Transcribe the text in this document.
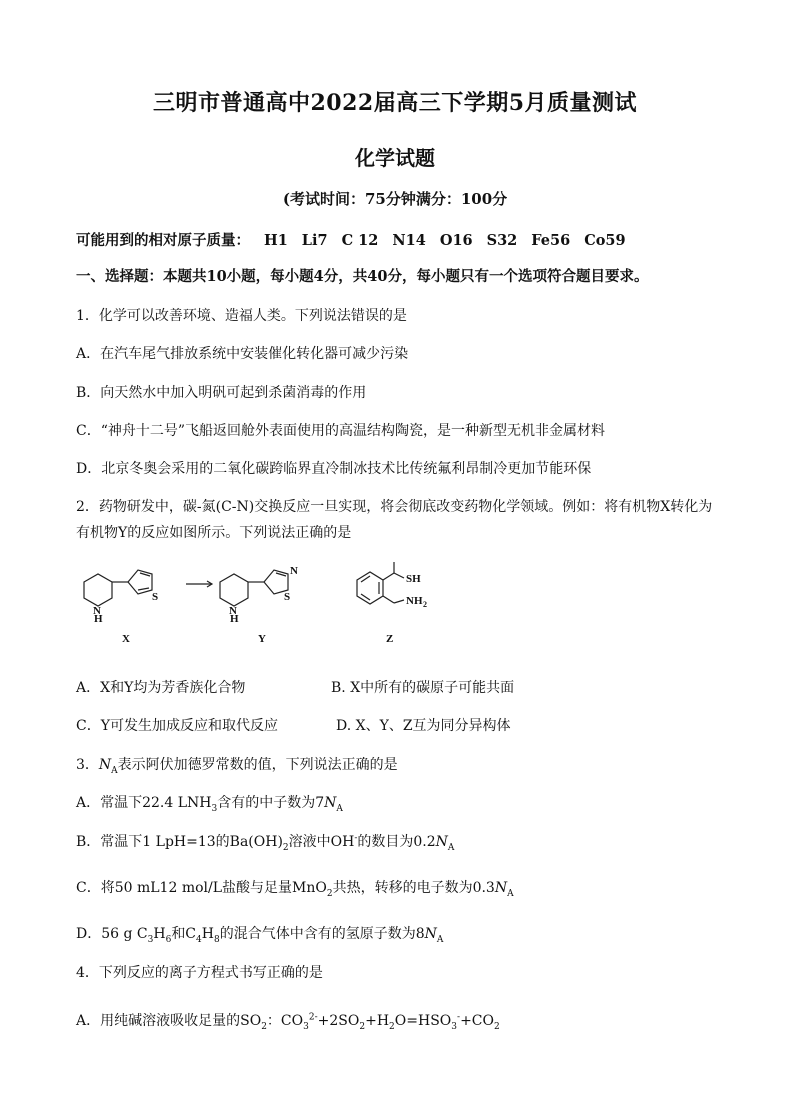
三明市普通高中2022届高三下学期5月质量测试
化学试题
(考试时间：75分钟满分：100分
可能用到的相对原子质量： H1 Li7 C 12 N14 O16 S32 Fe56 Co59
一、选择题：本题共10小题，每小题4分，共40分，每小题只有一个选项符合题目要求。
1．化学可以改善环境、造福人类。下列说法错误的是
A．在汽车尾气排放系统中安装催化转化器可减少污染
B．向天然水中加入明矾可起到杀菌消毒的作用
C．“神舟十二号”飞船返回舱外表面使用的高温结构陶瓷，是一种新型无机非金属材料
D．北京冬奥会采用的二氧化碳跨临界直冷制冰技术比传统氟利昂制冷更加节能环保
2．药物研发中，碳-氮(C-N)交换反应一旦实现，将会彻底改变药物化学领域。例如：将有机物X转化为
有机物Y的反应如图所示。下列说法正确的是
N
H
S
N
H
N
S
SH
NH 2
X	Y	Z
A．X和Y均为芳香族化合物	B. X中所有的碳原子可能共面
C．Y可发生加成反应和取代反应	D. X、Y、Z互为同分异构体
3．$N_A$表示阿伏加德罗常数的值，下列说法正确的是
A．常温下22.4 $LNH_3$含有的中子数为$7N_A$
B．常温下1 LpH=13的$Ba(OH)_2$溶液中OH-的数目为$0.2N_A$
C．将50 mL12 mol/L盐酸与足量MnO$_2$共热，转移的电子数为$0.3N_A$
D．56 g $C_3H_6$和$C_4H_8$的混合气体中含有的氢原子数为$8N_A$
4．下列反应的离子方程式书写正确的是
A．用纯碱溶液吸收足量的$SO_2$：$CO_3^{2-}+2SO_2+H_2O=HSO_3^-+CO_2$
